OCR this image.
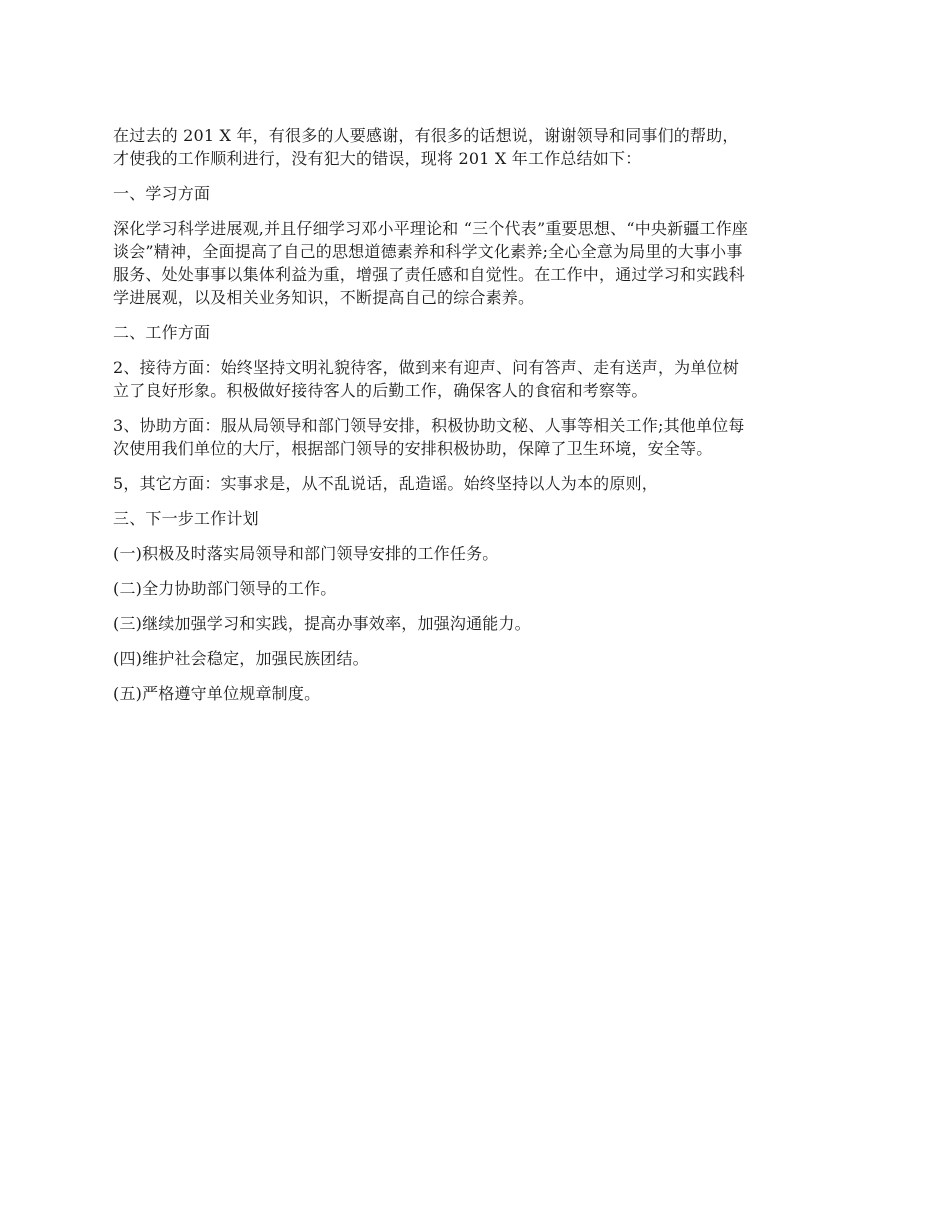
在过去的 201 X 年，有很多的人要感谢，有很多的话想说，谢谢领导和同事们的帮助，
才使我的工作顺利进行，没有犯大的错误，现将 201 X 年工作总结如下：

一、学习方面

深化学习科学进展观,并且仔细学习邓小平理论和 “三个代表”重要思想、“中央新疆工作座
谈会”精神，全面提高了自己的思想道德素养和科学文化素养;全心全意为局里的大事小事
服务、处处事事以集体利益为重，增强了责任感和自觉性。在工作中，通过学习和实践科
学进展观，以及相关业务知识，不断提高自己的综合素养。

二、工作方面

2、接待方面：始终坚持文明礼貌待客，做到来有迎声、问有答声、走有送声，为单位树
立了良好形象。积极做好接待客人的后勤工作，确保客人的食宿和考察等。

3、协助方面：服从局领导和部门领导安排，积极协助文秘、人事等相关工作;其他单位每
次使用我们单位的大厅，根据部门领导的安排积极协助，保障了卫生环境，安全等。

5，其它方面：实事求是，从不乱说话，乱造谣。始终坚持以人为本的原则，

三、下一步工作计划

(一)积极及时落实局领导和部门领导安排的工作任务。

(二)全力协助部门领导的工作。

(三)继续加强学习和实践，提高办事效率，加强沟通能力。

(四)维护社会稳定，加强民族团结。

(五)严格遵守单位规章制度。
